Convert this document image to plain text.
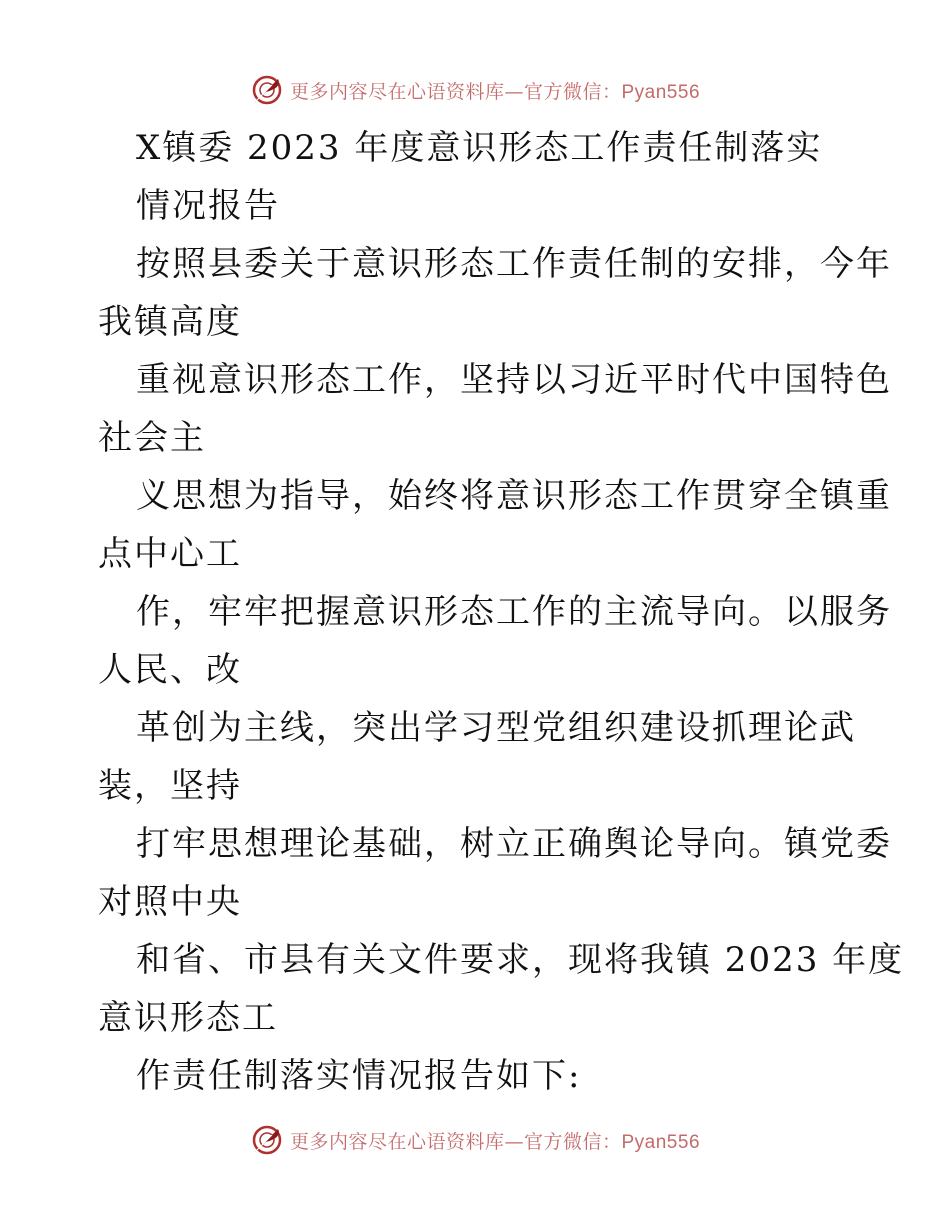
更多内容尽在心语资料库—官方微信：Pyan556
X镇委 2023 年度意识形态工作责任制落实
情况报告
按照县委关于意识形态工作责任制的安排，今年
我镇高度
重视意识形态工作，坚持以习近平时代中国特色
社会主
义思想为指导，始终将意识形态工作贯穿全镇重
点中心工
作，牢牢把握意识形态工作的主流导向。以服务
人民、改
革创为主线，突出学习型党组织建设抓理论武
装，坚持
打牢思想理论基础，树立正确舆论导向。镇党委
对照中央
和省、市县有关文件要求，现将我镇 2023 年度
意识形态工
作责任制落实情况报告如下:
更多内容尽在心语资料库—官方微信：Pyan556
